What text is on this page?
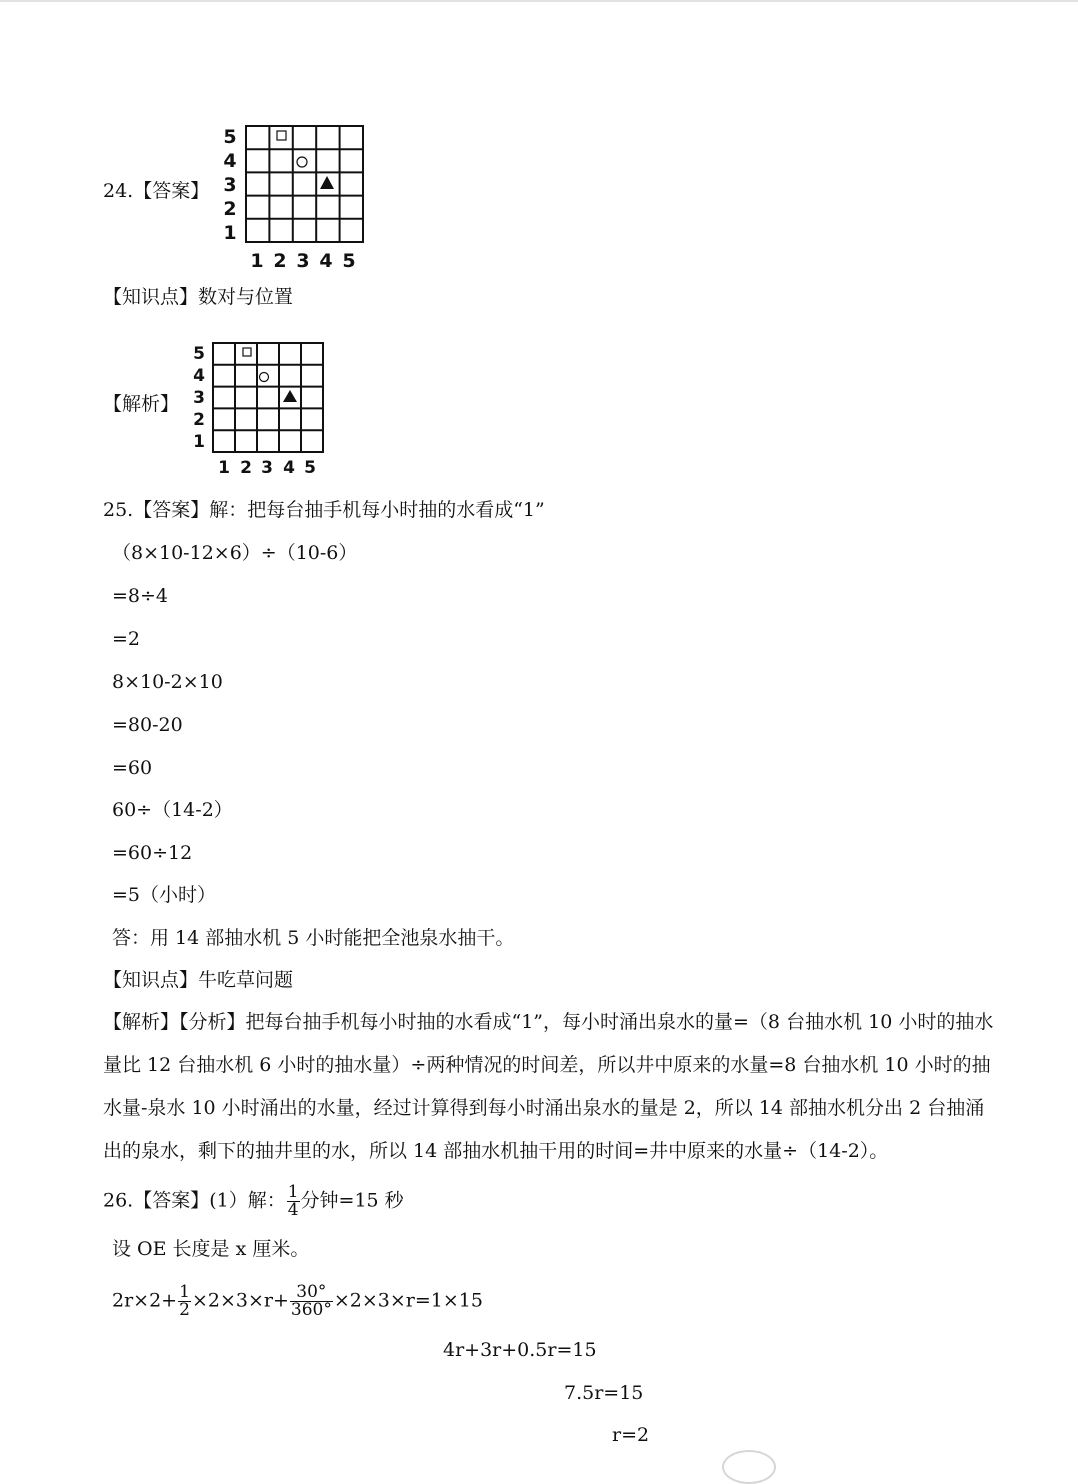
24.【答案】
5
4
3
2
1
1 2 3 4 5
【知识点】数对与位置
【解析】
5
4
3
2
1
1 2 3 4 5
25.【答案】解：把每台抽手机每小时抽的水看成“1”
（8×10-12×6）÷（10-6）
=8÷4
=2
8×10-2×10
=80-20
=60
60÷（14-2）
=60÷12
=5（小时）
答：用 14 部抽水机 5 小时能把全池泉水抽干。
【知识点】牛吃草问题
【解析】【分析】把每台抽手机每小时抽的水看成“1”，每小时涌出泉水的量=（8 台抽水机 10 小时的抽水
量比 12 台抽水机 6 小时的抽水量）÷两种情况的时间差，所以井中原来的水量=8 台抽水机 10 小时的抽
水量-泉水 10 小时涌出的水量，经过计算得到每小时涌出泉水的量是 2，所以 14 部抽水机分出 2 台抽涌
出的泉水，剩下的抽井里的水，所以 14 部抽水机抽干用的时间=井中原来的水量÷（14-2）。
26.【答案】(1）解： $\frac{1}{4}$ 分钟=15 秒
设 OE 长度是 x 厘米。
$2r\times 2+ \frac{1}{2} \times 2\times 3\times r+ \frac{30^\circ}{360^\circ} \times 2\times 3\times r=1\times 15$
4r+3r+0.5r=15
7.5r=15
r=2
